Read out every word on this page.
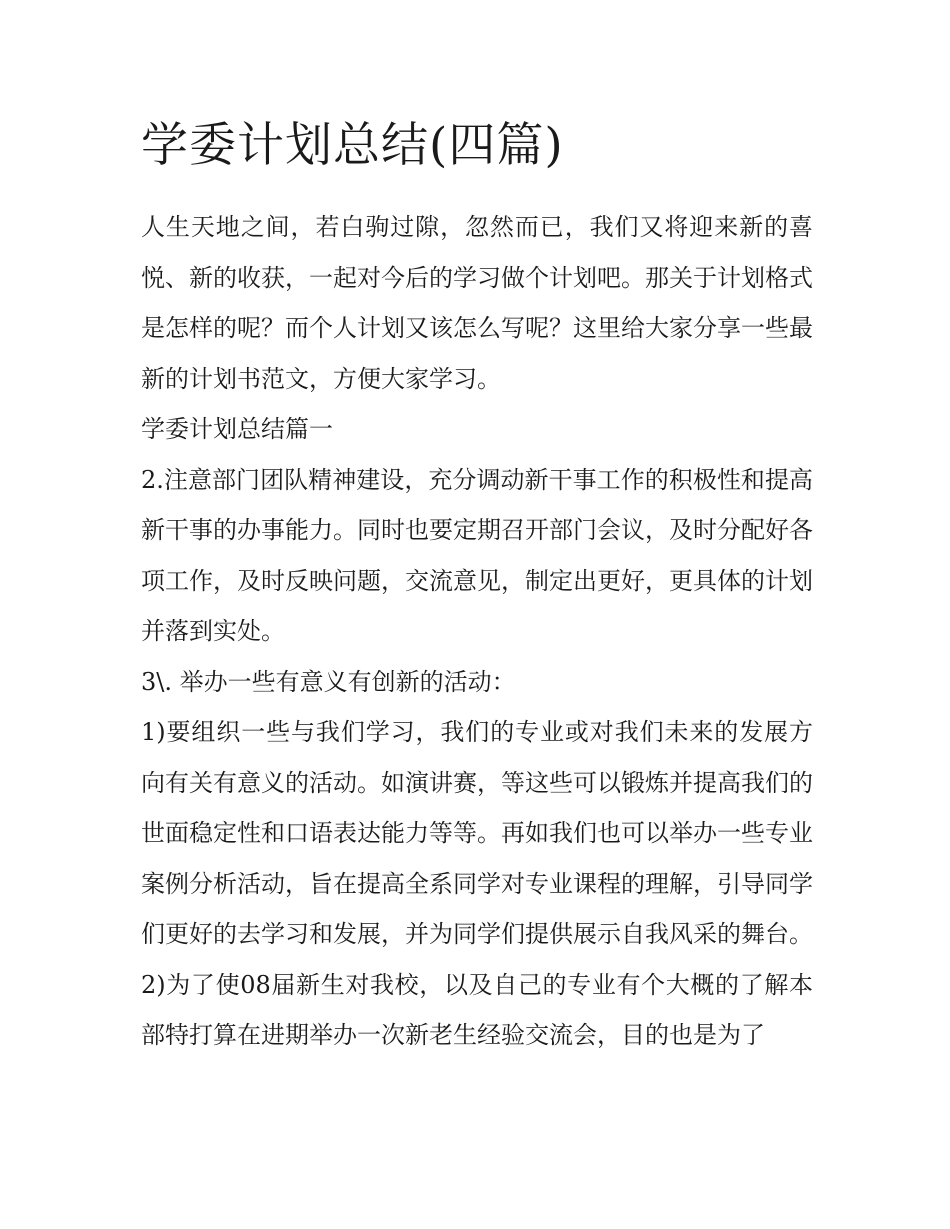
学委计划总结(四篇)

人生天地之间，若白驹过隙，忽然而已，我们又将迎来新的喜悦、新的收获，一起对今后的学习做个计划吧。那关于计划格式是怎样的呢？而个人计划又该怎么写呢？这里给大家分享一些最新的计划书范文，方便大家学习。

学委计划总结篇一

2.注意部门团队精神建设，充分调动新干事工作的积极性和提高新干事的办事能力。同时也要定期召开部门会议，及时分配好各项工作，及时反映问题，交流意见，制定出更好，更具体的计划并落到实处。

3\. 举办一些有意义有创新的活动：

1)要组织一些与我们学习，我们的专业或对我们未来的发展方向有关有意义的活动。如演讲赛，等这些可以锻炼并提高我们的世面稳定性和口语表达能力等等。再如我们也可以举办一些专业案例分析活动，旨在提高全系同学对专业课程的理解，引导同学们更好的去学习和发展，并为同学们提供展示自我风采的舞台。

2)为了使08届新生对我校，以及自己的专业有个大概的了解本部特打算在进期举办一次新老生经验交流会，目的也是为了
